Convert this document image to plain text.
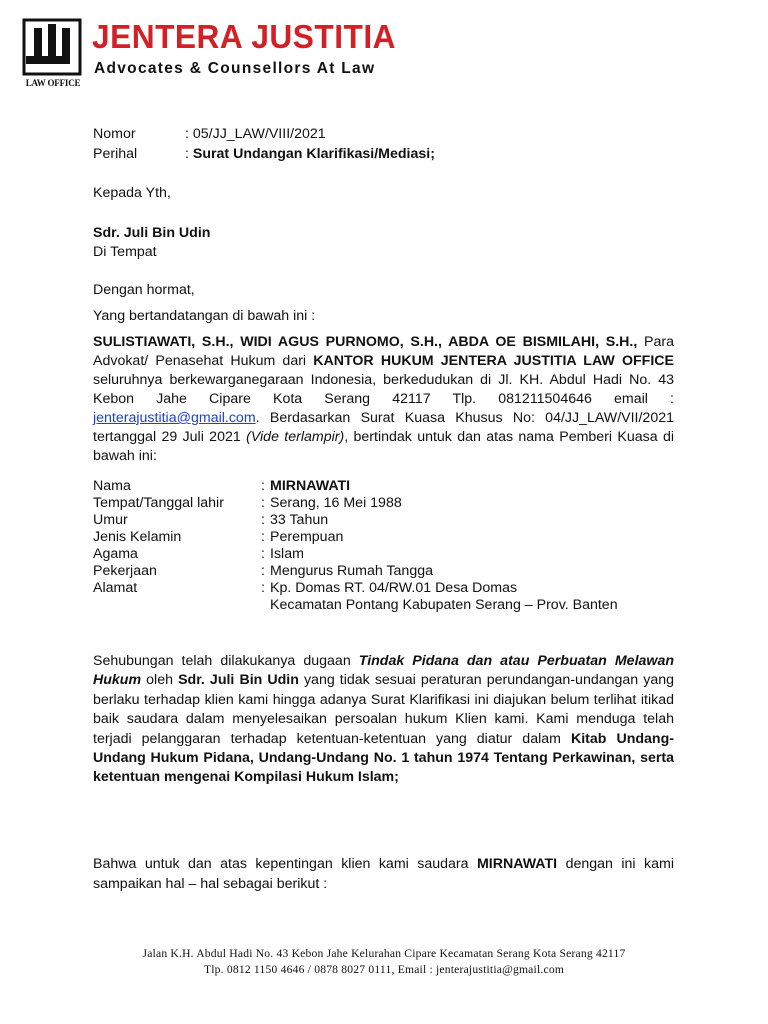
LAW OFFICE
JENTERA JUSTITIA
Advocates & Counsellors At Law
Nomor	: 05/JJ_LAW/VIII/2021
Perihal	: Surat Undangan Klarifikasi/Mediasi;
Kepada Yth,
Sdr. Juli Bin Udin
Di Tempat
Dengan hormat,
Yang bertandatangan di bawah ini :
SULISTIAWATI, S.H., WIDI AGUS PURNOMO, S.H., ABDA OE BISMILAHI, S.H., Para Advokat/ Penasehat Hukum dari KANTOR HUKUM JENTERA JUSTITIA LAW OFFICE seluruhnya berkewarganegaraan Indonesia, berkedudukan di Jl. KH. Abdul Hadi No. 43 Kebon Jahe Cipare Kota Serang 42117 Tlp. 081211504646 email : jenterajustitia@gmail.com. Berdasarkan Surat Kuasa Khusus No: 04/JJ_LAW/VII/2021 tertanggal 29 Juli 2021 (Vide terlampir), bertindak untuk dan atas nama Pemberi Kuasa di bawah ini:
Nama	: MIRNAWATI
Tempat/Tanggal lahir	: Serang, 16 Mei 1988
Umur	: 33 Tahun
Jenis Kelamin	: Perempuan
Agama	: Islam
Pekerjaan	: Mengurus Rumah Tangga
Alamat	: Kp. Domas RT. 04/RW.01 Desa Domas
Kecamatan Pontang Kabupaten Serang – Prov. Banten
Sehubungan telah dilakukanya dugaan Tindak Pidana dan atau Perbuatan Melawan Hukum oleh Sdr. Juli Bin Udin yang tidak sesuai peraturan perundangan-undangan yang berlaku terhadap klien kami hingga adanya Surat Klarifikasi ini diajukan belum terlihat itikad baik saudara dalam menyelesaikan persoalan hukum Klien kami. Kami menduga telah terjadi pelanggaran terhadap ketentuan-ketentuan yang diatur dalam Kitab Undang-Undang Hukum Pidana, Undang-Undang No. 1 tahun 1974 Tentang Perkawinan, serta ketentuan mengenai Kompilasi Hukum Islam;
Bahwa untuk dan atas kepentingan klien kami saudara MIRNAWATI dengan ini kami sampaikan hal – hal sebagai berikut :
Jalan K.H. Abdul Hadi No. 43 Kebon Jahe Kelurahan Cipare Kecamatan Serang Kota Serang 42117
Tlp. 0812 1150 4646 / 0878 8027 0111, Email : jenterajustitia@gmail.com
